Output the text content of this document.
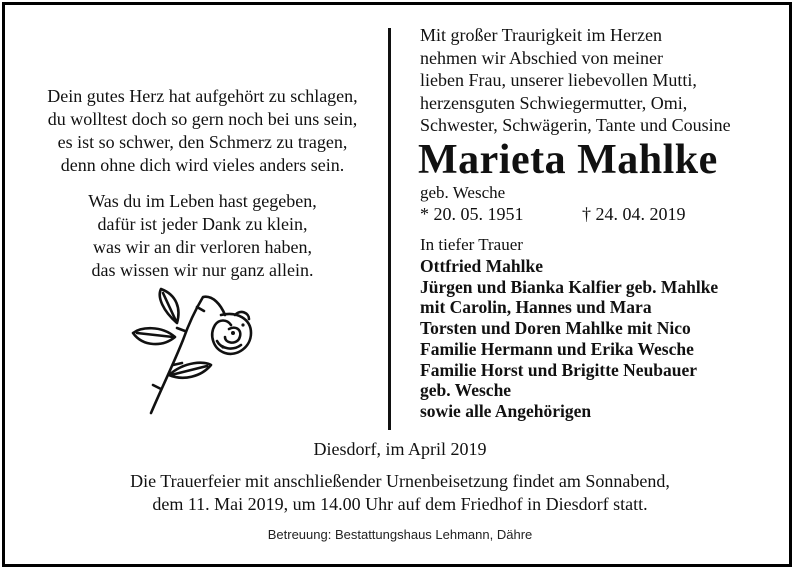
Dein gutes Herz hat aufgehört zu schlagen,

du wolltest doch so gern noch bei uns sein,

es ist so schwer, den Schmerz zu tragen,

denn ohne dich wird vieles anders sein.

Was du im Leben hast gegeben,

dafür ist jeder Dank zu klein,

was wir an dir verloren haben,

das wissen wir nur ganz allein.

Mit großer Traurigkeit im Herzen

nehmen wir Abschied von meiner

lieben Frau, unserer liebevollen Mutti,

herzensguten Schwiegermutter, Omi,

Schwester, Schwägerin, Tante und Cousine

Marieta Mahlke
geb. Wesche
* 20. 05. 1951	† 24. 04. 2019
In tiefer Trauer

Ottfried Mahlke

Jürgen und Bianka Kalfier geb. Mahlke

mit Carolin, Hannes und Mara

Torsten und Doren Mahlke mit Nico

Familie Hermann und Erika Wesche

Familie Horst und Brigitte Neubauer

geb. Wesche

sowie alle Angehörigen

Diesdorf, im April 2019

Die Trauerfeier mit anschließender Urnenbeisetzung findet am Sonnabend,

dem 11. Mai 2019, um 14.00 Uhr auf dem Friedhof in Diesdorf statt.

Betreuung: Bestattungshaus Lehmann, Dähre
